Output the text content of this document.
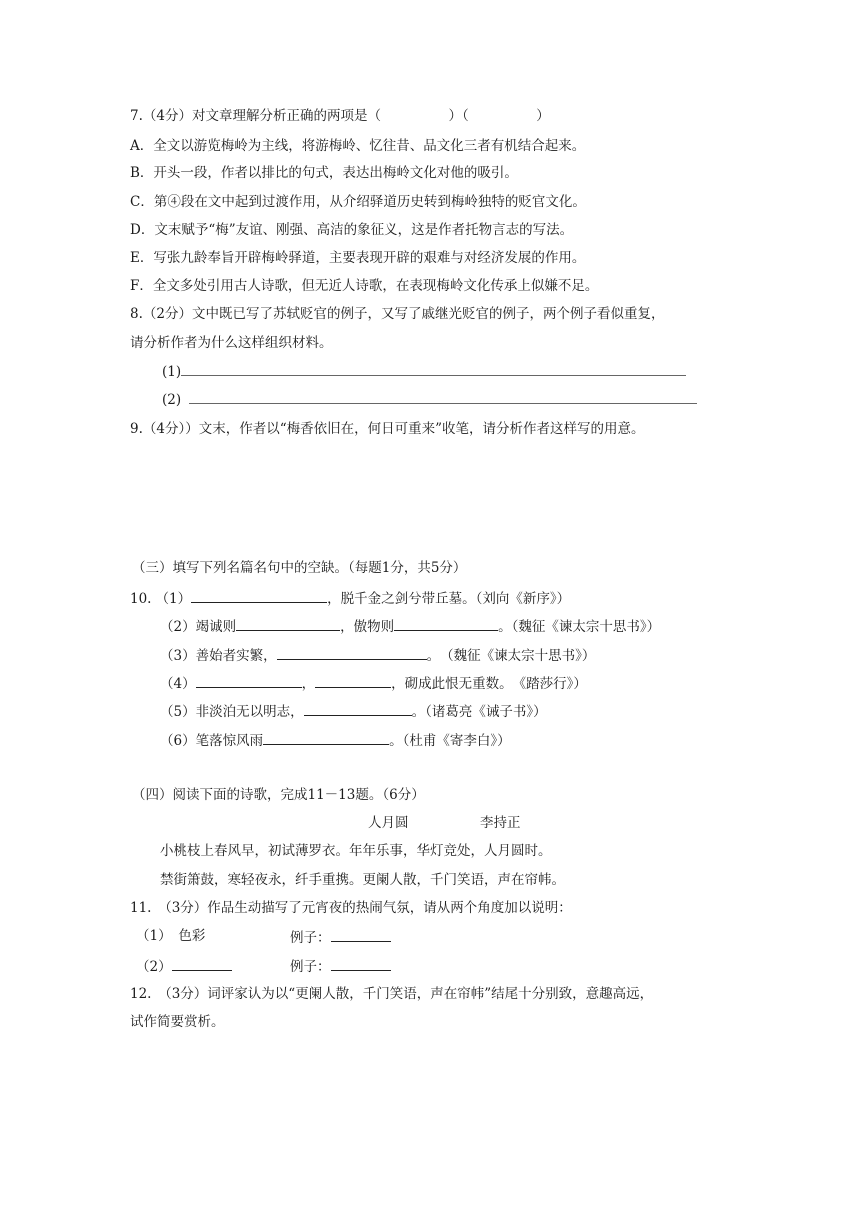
7.（4分）对文章理解分析正确的两项是（　　　　　）（　　　　　）
A．全文以游览梅岭为主线，将游梅岭、忆往昔、品文化三者有机结合起来。
B．开头一段，作者以排比的句式，表达出梅岭文化对他的吸引。
C．第④段在文中起到过渡作用，从介绍驿道历史转到梅岭独特的贬官文化。
D．文末赋予“梅”友谊、刚强、高洁的象征义，这是作者托物言志的写法。
E．写张九龄奉旨开辟梅岭驿道，主要表现开辟的艰难与对经济发展的作用。
F．全文多处引用古人诗歌，但无近人诗歌，在表现梅岭文化传承上似嫌不足。
8.（2分）文中既已写了苏轼贬官的例子，又写了戚继光贬官的例子，两个例子看似重复，
请分析作者为什么这样组织材料。
(1)
(2)
9.（4分））文末，作者以“梅香依旧在，何日可重来”收笔，请分析作者这样写的用意。
（三）填写下列名篇名句中的空缺。（每题1分，共5分）
10. （1）	，脱千金之剑兮带丘墓。（刘向《新序》）
（2）竭诚则	，傲物则	。（魏征《谏太宗十思书》）
（3）善始者实繁，	。　（魏征《谏太宗十思书》）
（4）	，	，砌成此恨无重数。　《踏莎行》）
（5）非淡泊无以明志，	。（诸葛亮《诫子书》）
（6）笔落惊风雨	。（杜甫《寄李白》）
（四）阅读下面的诗歌，完成11－13题。（6分）
人月圆	李持正
小桃枝上春风早，初试薄罗衣。年年乐事，华灯竞处，人月圆时。
禁街箫鼓，寒轻夜永，纤手重携。更阑人散，千门笑语，声在帘帏。
11.　（3分）作品生动描写了元宵夜的热闹气氛，请从两个角度加以说明：
（1）　色彩	例子：
（2）	例子：
12.　（3分）词评家认为以“更阑人散，千门笑语，声在帘帏”结尾十分别致，意趣高远，
试作简要赏析。
